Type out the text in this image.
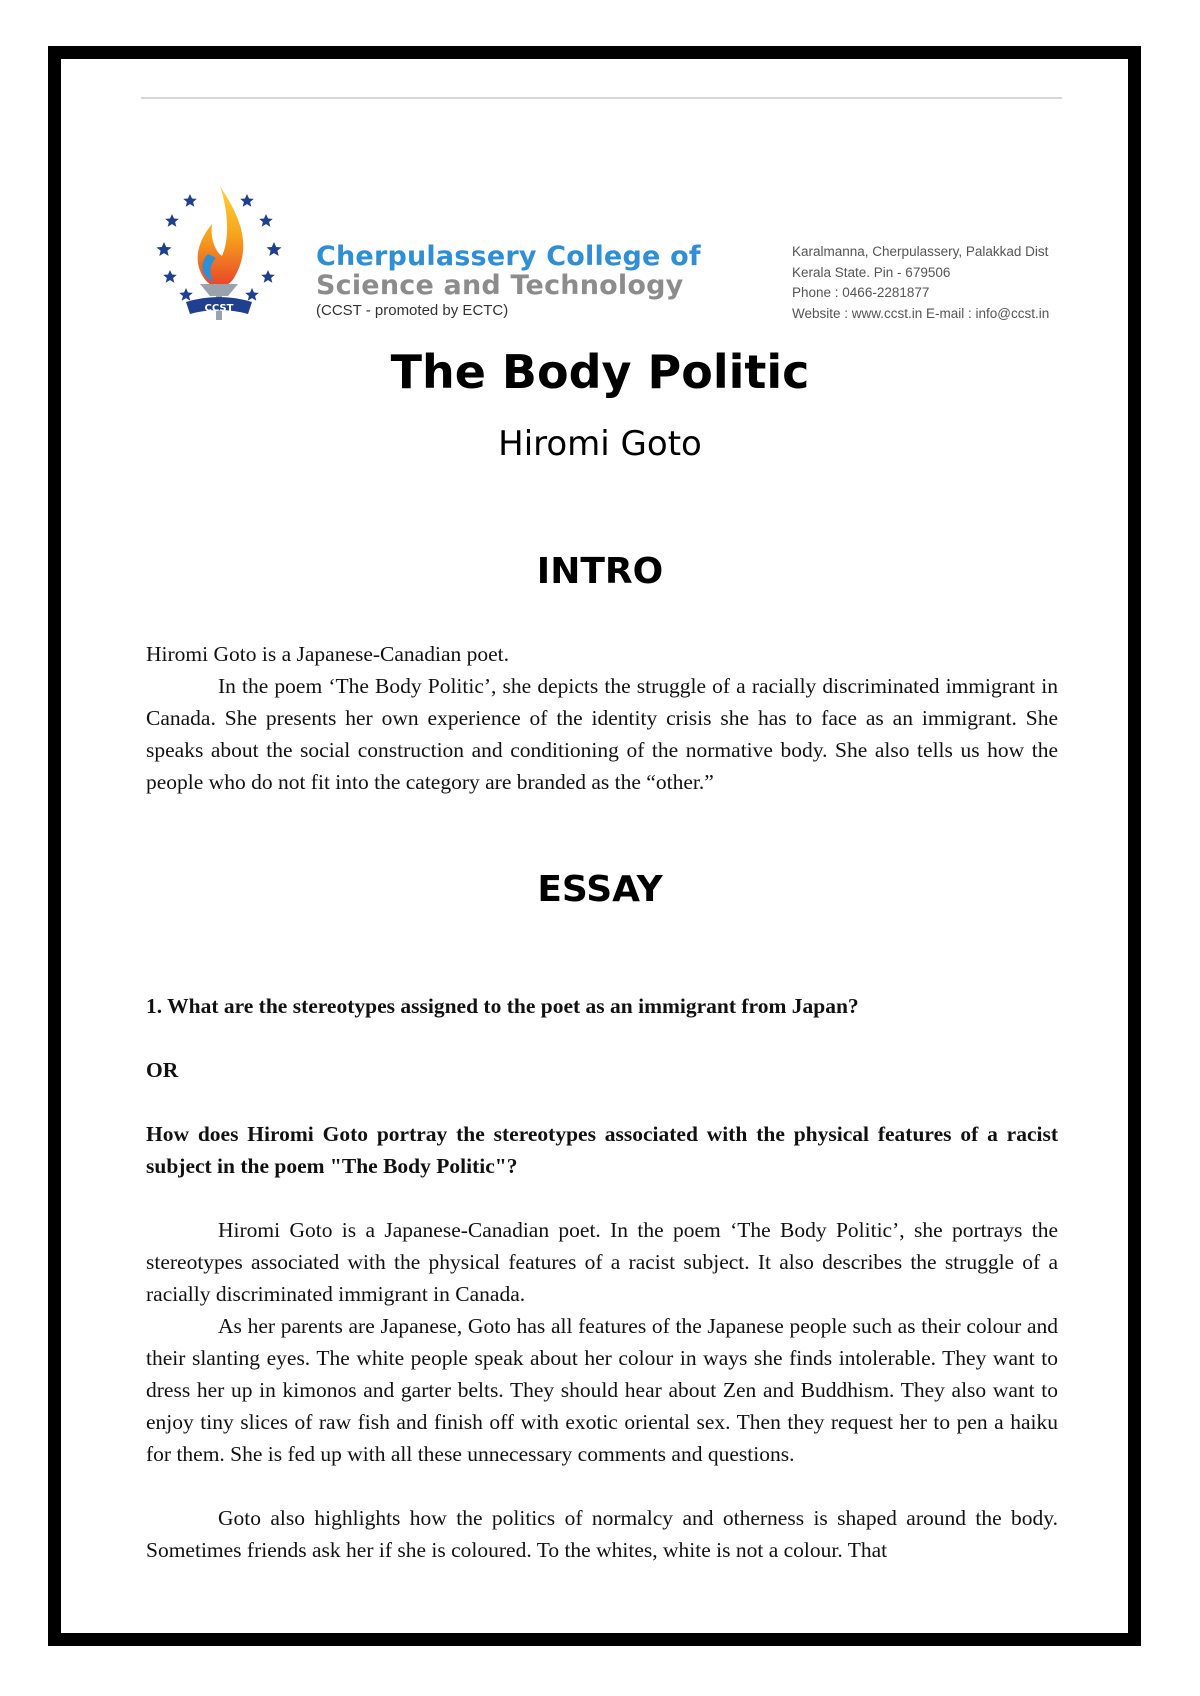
CCST
Cherpulassery College of
Science and Technology
(CCST - promoted by ECTC)
Karalmanna, Cherpulassery, Palakkad Dist
Kerala State. Pin - 679506
Phone : 0466-2281877
Website : www.ccst.in E-mail : info@ccst.in
The Body Politic
Hiromi Goto
INTRO

Hiromi Goto is a Japanese-Canadian poet.

In the poem ‘The Body Politic’, she depicts the struggle of a racially discriminated immigrant in Canada. She presents her own experience of the identity crisis she has to face as an immigrant. She speaks about the social construction and conditioning of the normative body. She also tells us how the people who do not fit into the category are branded as the “other.”

ESSAY

1. What are the stereotypes assigned to the poet as an immigrant from Japan?

OR

How does Hiromi Goto portray the stereotypes associated with the physical features of a racist subject in the poem "The Body Politic"?

Hiromi Goto is a Japanese-Canadian poet. In the poem ‘The Body Politic’, she portrays the stereotypes associated with the physical features of a racist subject. It also describes the struggle of a racially discriminated immigrant in Canada.

As her parents are Japanese, Goto has all features of the Japanese people such as their colour and their slanting eyes. The white people speak about her colour in ways she finds intolerable. They want to dress her up in kimonos and garter belts. They should hear about Zen and Buddhism. They also want to enjoy tiny slices of raw fish and finish off with exotic oriental sex. Then they request her to pen a haiku for them. She is fed up with all these unnecessary comments and questions.

Goto also highlights how the politics of normalcy and otherness is shaped around the body. Sometimes friends ask her if she is coloured. To the whites, white is not a colour. That
